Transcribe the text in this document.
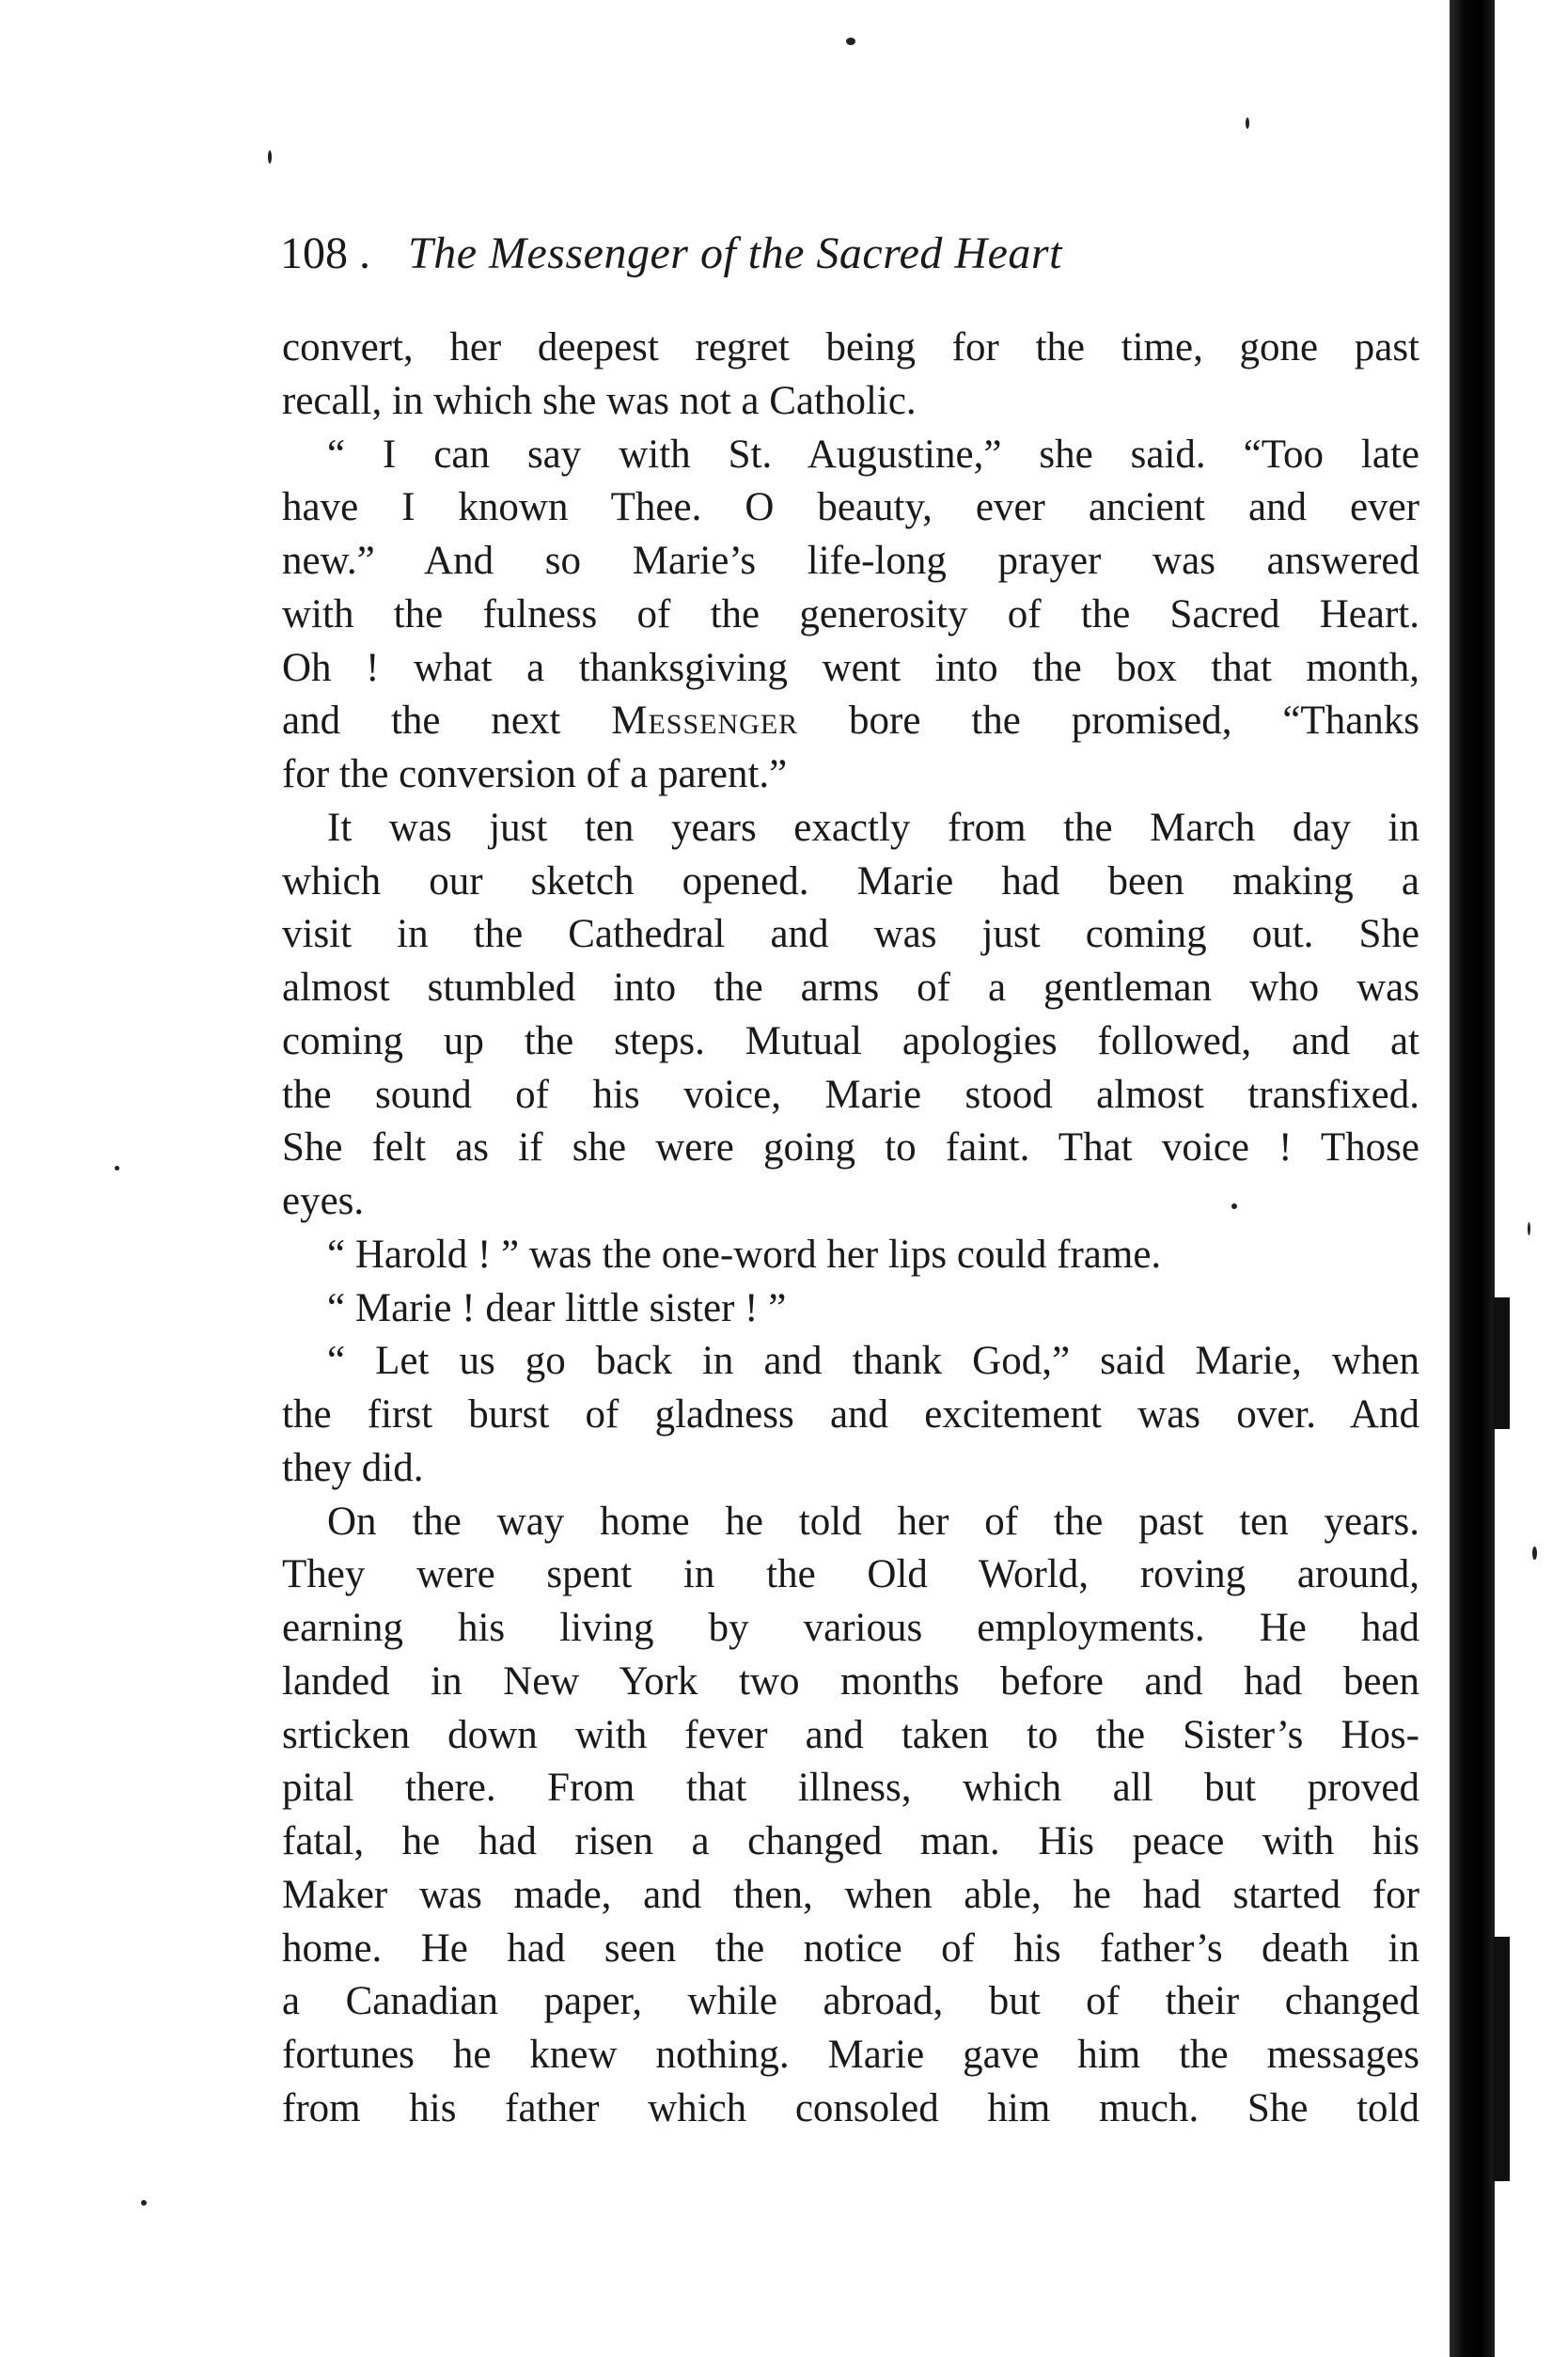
108 . The Messenger of the Sacred Heart
convert, her deepest regret being for the time, gone past
recall, in which she was not a Catholic.
“ I can say with St. Augustine,” she said. “Too late
have I known Thee. O beauty, ever ancient and ever
new.” And so Marie’s life-long prayer was answered
with the fulness of the generosity of the Sacred Heart.
Oh ! what a thanksgiving went into the box that month,
and the next Messenger bore the promised, “Thanks
for the conversion of a parent.”
It was just ten years exactly from the March day in
which our sketch opened. Marie had been making a
visit in the Cathedral and was just coming out. She
almost stumbled into the arms of a gentleman who was
coming up the steps. Mutual apologies followed, and at
the sound of his voice, Marie stood almost transfixed.
She felt as if she were going to faint. That voice ! Those
eyes.
“ Harold ! ” was the one-word her lips could frame.
“ Marie ! dear little sister ! ”
“ Let us go back in and thank God,” said Marie, when
the first burst of gladness and excitement was over. And
they did.
On the way home he told her of the past ten years.
They were spent in the Old World, roving around,
earning his living by various employments. He had
landed in New York two months before and had been
srticken down with fever and taken to the Sister’s Hos-
pital there. From that illness, which all but proved
fatal, he had risen a changed man. His peace with his
Maker was made, and then, when able, he had started for
home. He had seen the notice of his father’s death in
a Canadian paper, while abroad, but of their changed
fortunes he knew nothing. Marie gave him the messages
from his father which consoled him much. She told
